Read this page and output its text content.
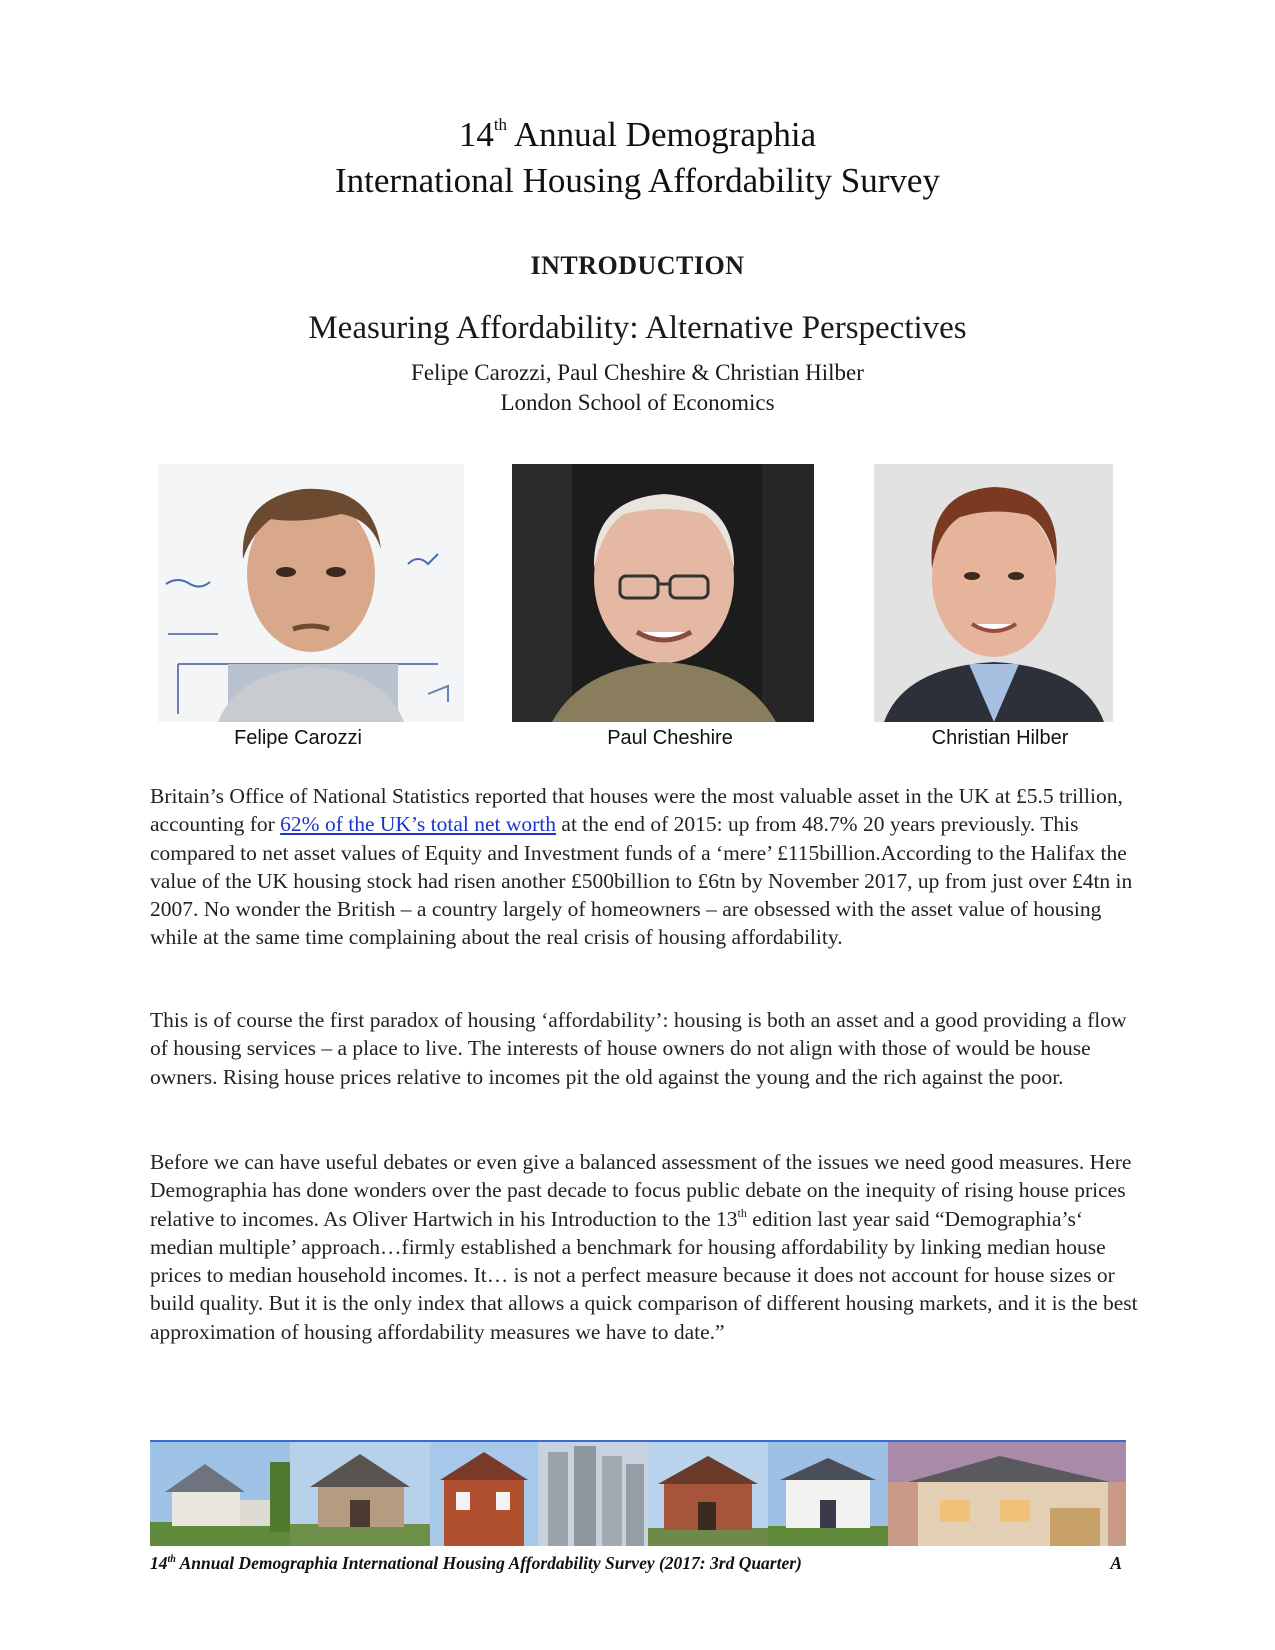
14th Annual Demographia
International Housing Affordability Survey
INTRODUCTION
Measuring Affordability: Alternative Perspectives
Felipe Carozzi, Paul Cheshire & Christian Hilber
London School of Economics
Felipe Carozzi	Paul Cheshire	Christian Hilber
Britain’s Office of National Statistics reported that houses were the most valuable asset in the UK at £5.5 trillion, accounting for 62% of the UK’s total net worth at the end of 2015: up from 48.7% 20 years previously. This compared to net asset values of Equity and Investment funds of a ‘mere’ £115billion.According to the Halifax the value of the UK housing stock had risen another £500billion to £6tn by November 2017, up from just over £4tn in 2007. No wonder the British – a country largely of homeowners – are obsessed with the asset value of housing while at the same time complaining about the real crisis of housing affordability.
This is of course the first paradox of housing ‘affordability’: housing is both an asset and a good providing a flow of housing services – a place to live. The interests of house owners do not align with those of would be house owners. Rising house prices relative to incomes pit the old against the young and the rich against the poor.
Before we can have useful debates or even give a balanced assessment of the issues we need good measures. Here Demographia has done wonders over the past decade to focus public debate on the inequity of rising house prices relative to incomes. As Oliver Hartwich in his Introduction to the 13th edition last year said “Demographia’s‘ median multiple’ approach…firmly established a benchmark for housing affordability by linking median house prices to median household incomes. It… is not a perfect measure because it does not account for house sizes or build quality. But it is the only index that allows a quick comparison of different housing markets, and it is the best approximation of housing affordability measures we have to date.”
14th Annual Demographia International Housing Affordability Survey (2017: 3rd Quarter)	A
